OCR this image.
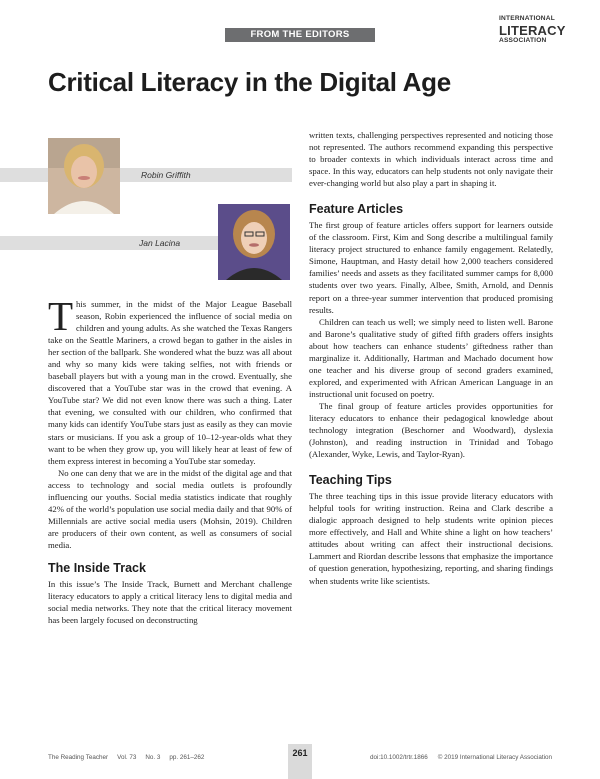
FROM THE EDITORS
INTERNATIONAL
LITERACY
ASSOCIATION
Critical Literacy in the Digital Age
Robin Griffith
Jan Lacina

This summer, in the midst of the Major League Baseball season, Robin experienced the influence of social media on children and young adults. As she watched the Texas Rangers take on the Seattle Mariners, a crowd began to gather in the aisles in her section of the ballpark. She wondered what the buzz was all about and why so many kids were taking selfies, not with friends or baseball players but with a young man in the crowd. Eventually, she discovered that a YouTube star was in the crowd that evening. A YouTube star? We did not even know there was such a thing. Later that evening, we consulted with our children, who confirmed that many kids can identify YouTube stars just as easily as they can movie stars or musicians. If you ask a group of 10–12-year-olds what they want to be when they grow up, you will likely hear at least of few of them express interest in becoming a YouTube star someday.

No one can deny that we are in the midst of the digital age and that access to technology and social media outlets is profoundly influencing our youths. Social media statistics indicate that roughly 42% of the world’s population use social media daily and that 90% of Millennials are active social media users (Mohsin, 2019). Children are producers of their own content, as well as consumers of social media.

The Inside Track

In this issue’s The Inside Track, Burnett and Merchant challenge literacy educators to apply a critical literacy lens to digital media and social media networks. They note that the critical literacy movement has been largely focused on deconstructing

written texts, challenging perspectives represented and noticing those not represented. The authors recommend expanding this perspective to broader contexts in which individuals interact across time and space. In this way, educators can help students not only navigate their ever-changing world but also play a part in shaping it.

Feature Articles

The first group of feature articles offers support for learners outside of the classroom. First, Kim and Song describe a multilingual family literacy project structured to enhance family engagement. Relatedly, Simone, Hauptman, and Hasty detail how 2,000 teachers considered families’ needs and assets as they facilitated summer camps for 8,000 students over two years. Finally, Albee, Smith, Arnold, and Dennis report on a three-year summer intervention that produced promising results.

Children can teach us well; we simply need to listen well. Barone and Barone’s qualitative study of gifted fifth graders offers insights about how teachers can enhance students’ giftedness rather than marginalize it. Additionally, Hartman and Machado document how one teacher and his diverse group of second graders examined, explored, and experimented with African American Language in an instructional unit focused on poetry.

The final group of feature articles provides opportunities for literacy educators to enhance their pedagogical knowledge about technology integration (Beschorner and Woodward), dyslexia (Johnston), and reading instruction in Trinidad and Tobago (Alexander, Wyke, Lewis, and Taylor-Ryan).

Teaching Tips

The three teaching tips in this issue provide literacy educators with helpful tools for writing instruction. Reina and Clark describe a dialogic approach designed to help students write opinion pieces more effectively, and Hall and White shine a light on how teachers’ attitudes about writing can affect their instructional decisions. Lammert and Riordan describe lessons that emphasize the importance of question generation, hypothesizing, reporting, and sharing findings when students write like scientists.

The Reading Teacher Vol. 73 No. 3 pp. 261–262	261	doi:10.1002/trtr.1866 © 2019 International Literacy Association
